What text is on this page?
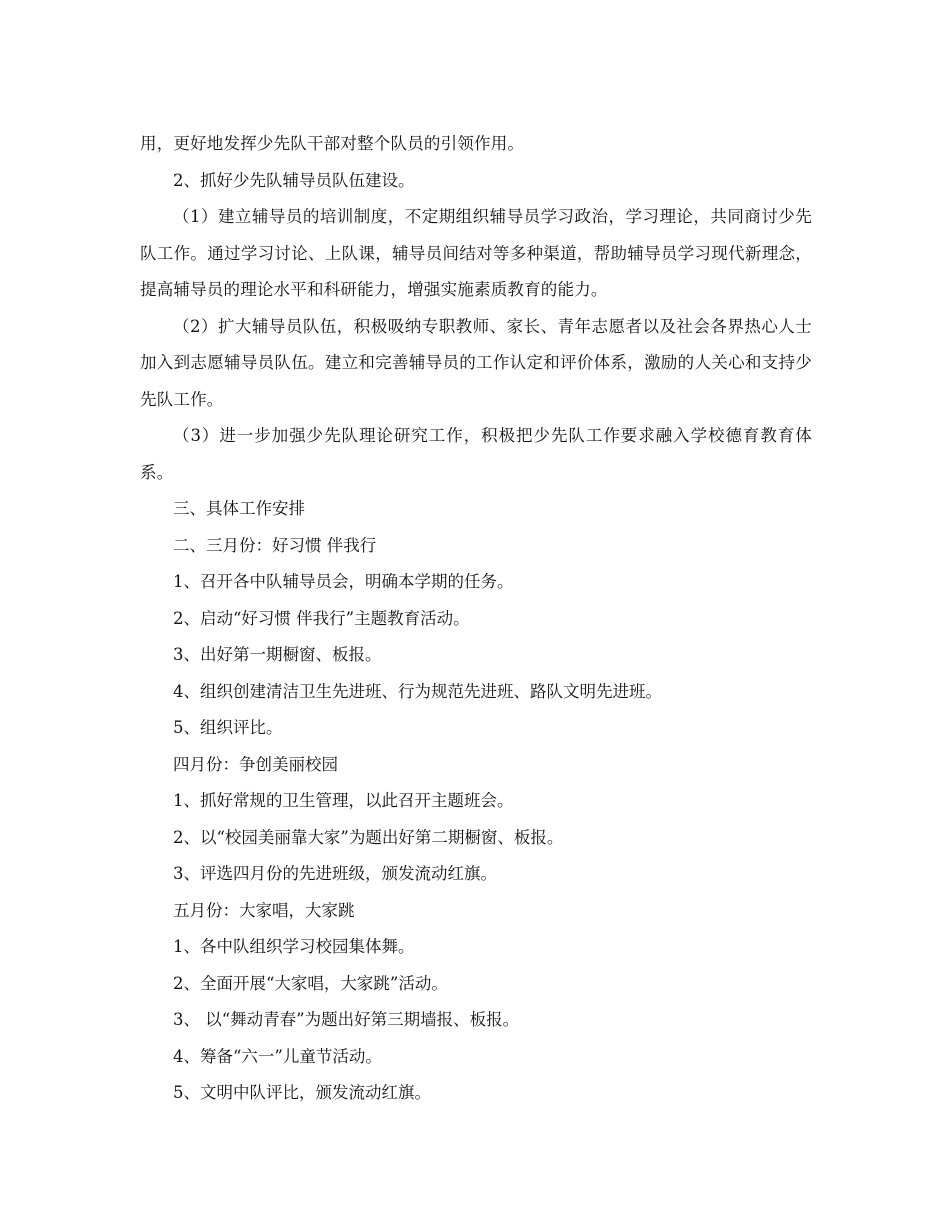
用，更好地发挥少先队干部对整个队员的引领作用。

2、抓好少先队辅导员队伍建设。

（1）建立辅导员的培训制度，不定期组织辅导员学习政治，学习理论，共同商讨少先队工作。通过学习讨论、上队课，辅导员间结对等多种渠道，帮助辅导员学习现代新理念，提高辅导员的理论水平和科研能力，增强实施素质教育的能力。

（2）扩大辅导员队伍，积极吸纳专职教师、家长、青年志愿者以及社会各界热心人士加入到志愿辅导员队伍。建立和完善辅导员的工作认定和评价体系，激励的人关心和支持少先队工作。

（3）进一步加强少先队理论研究工作，积极把少先队工作要求融入学校德育教育体系。

三、具体工作安排

二、三月份：好习惯 伴我行

1、召开各中队辅导员会，明确本学期的任务。

2、启动“好习惯 伴我行”主题教育活动。

3、出好第一期橱窗、板报。

4、组织创建清洁卫生先进班、行为规范先进班、路队文明先进班。

5、组织评比。

四月份：争创美丽校园

1、抓好常规的卫生管理，以此召开主题班会。

2、以“校园美丽靠大家”为题出好第二期橱窗、板报。

3、评选四月份的先进班级，颁发流动红旗。

五月份：大家唱，大家跳

1、各中队组织学习校园集体舞。

2、全面开展“大家唱，大家跳”活动。

3、 以“舞动青春”为题出好第三期墙报、板报。

4、筹备“六一”儿童节活动。

5、文明中队评比，颁发流动红旗。
